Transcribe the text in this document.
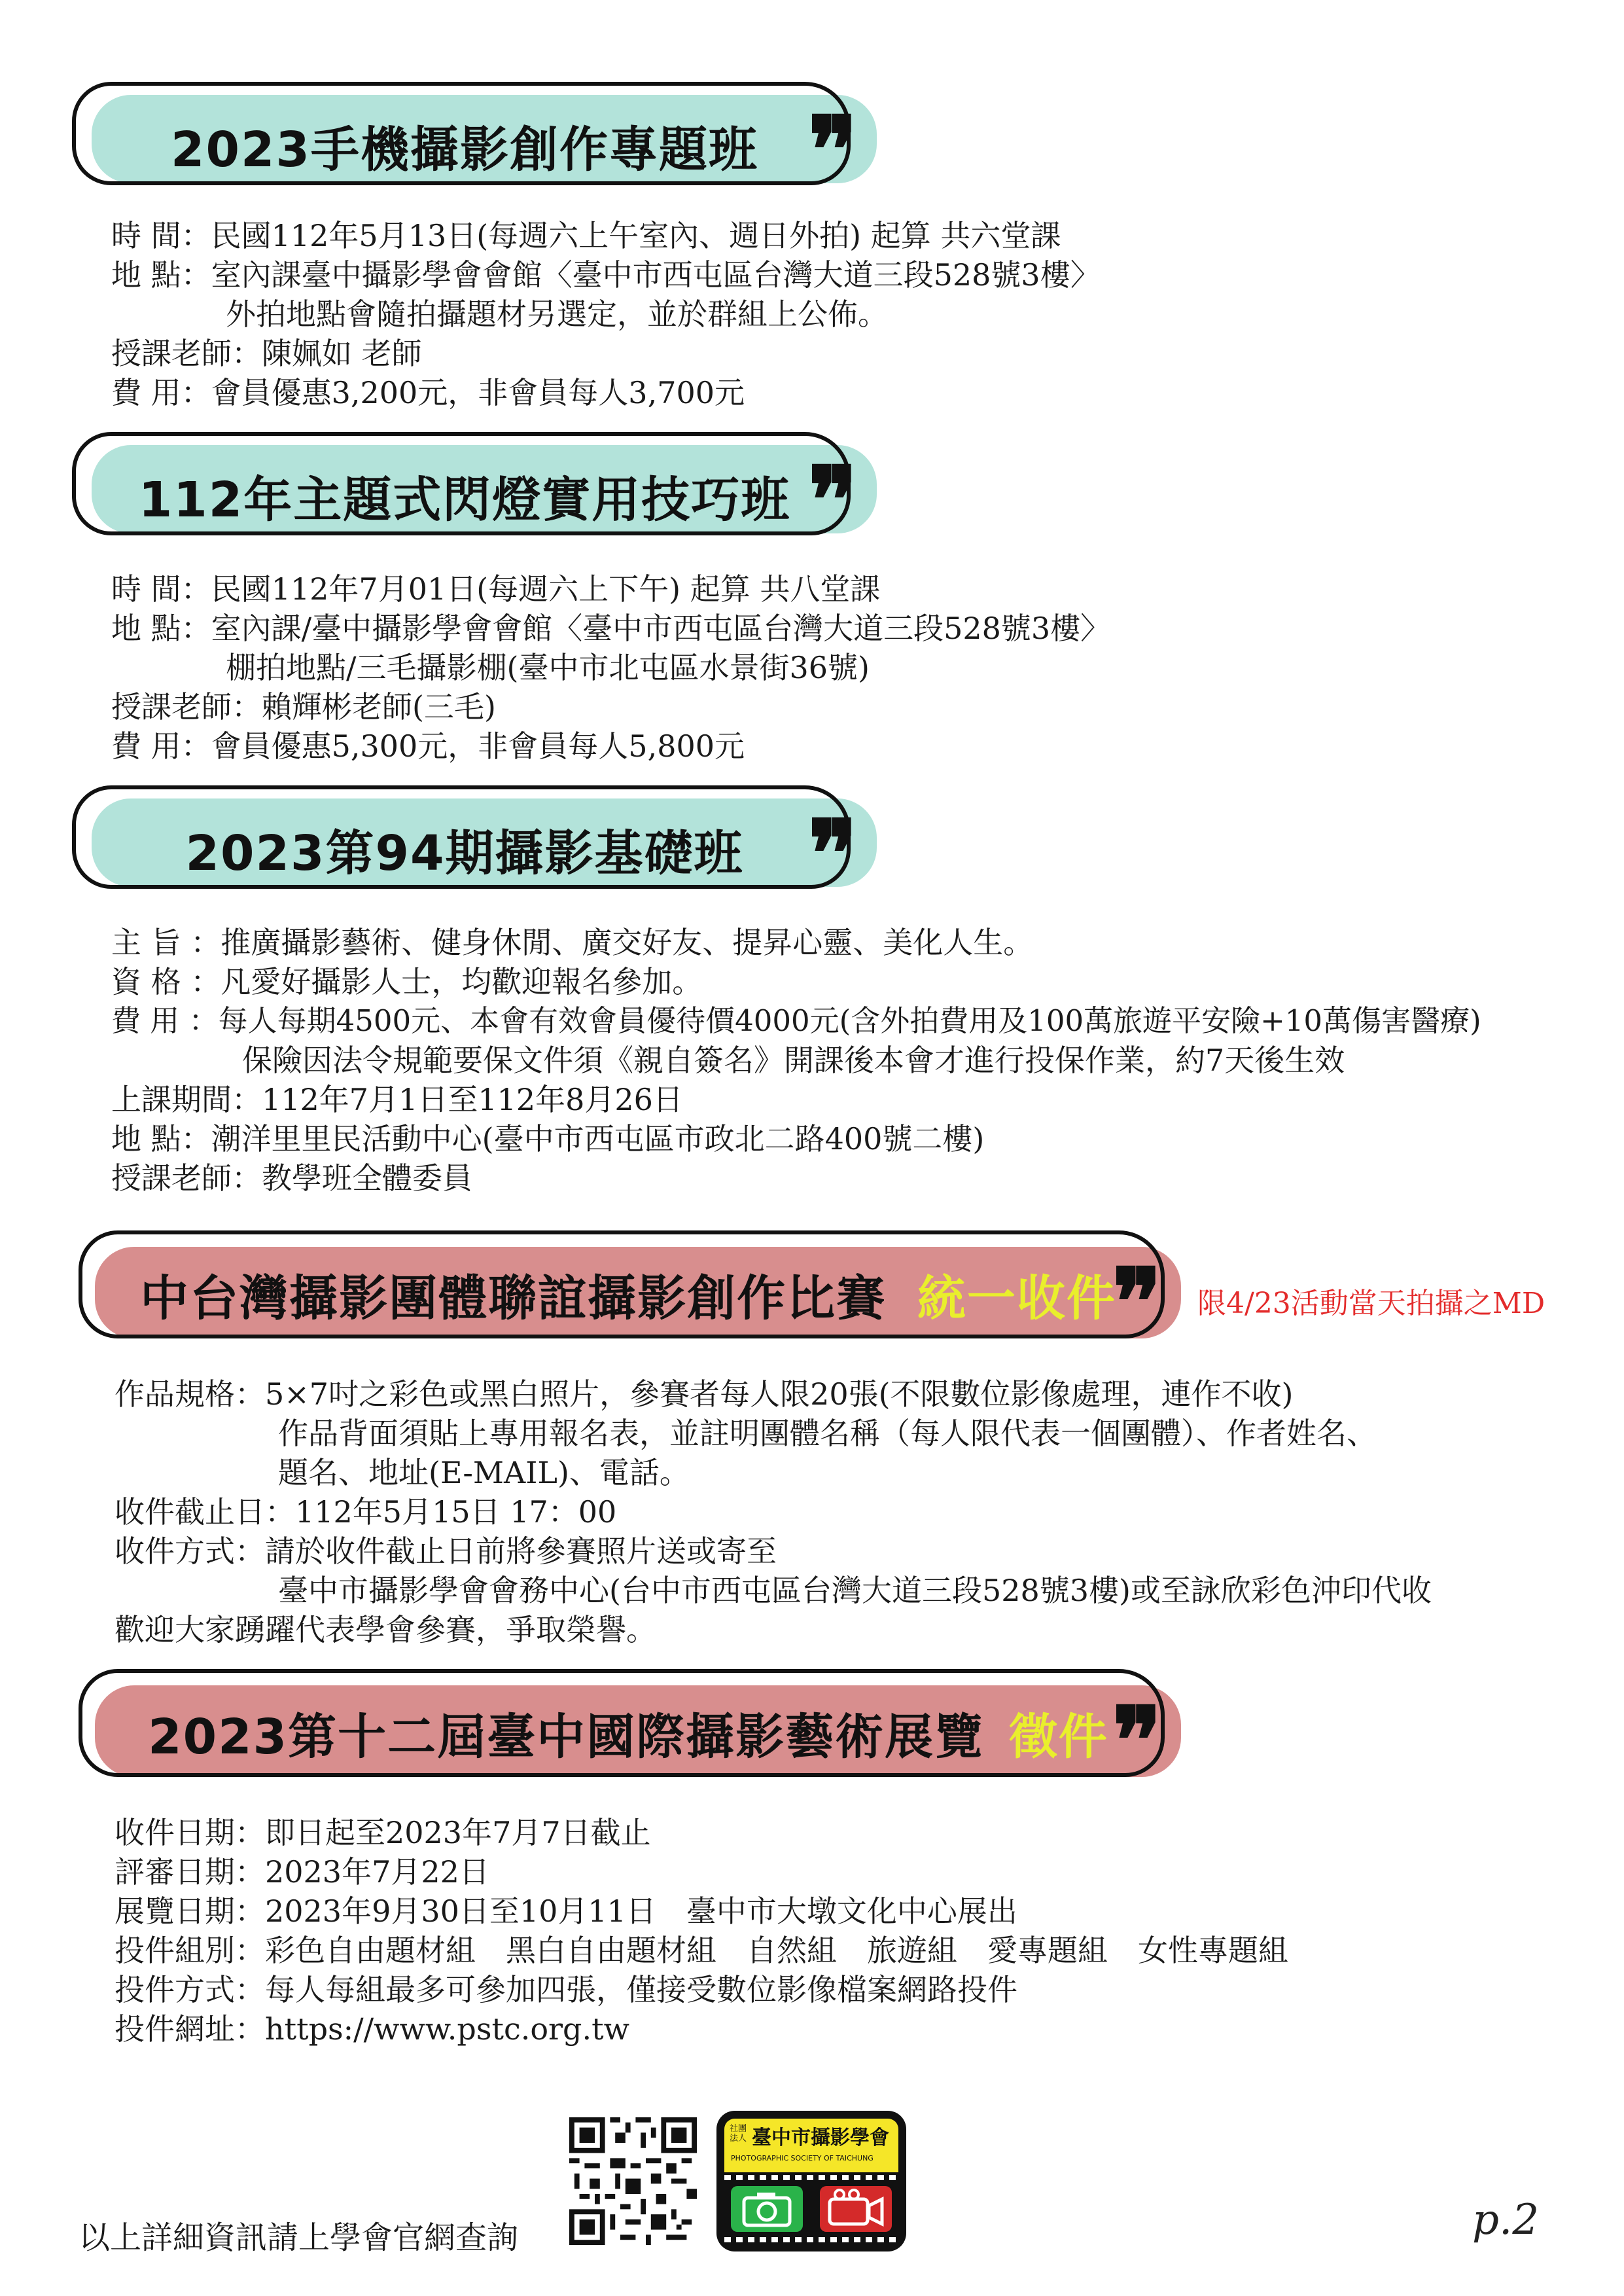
2023手機攝影創作專題班 ❞
時 間：民國112年5月13日(每週六上午室內、週日外拍) 起算 共六堂課
地 點：室內課臺中攝影學會會館〈臺中市西屯區台灣大道三段528號3樓〉
外拍地點會隨拍攝題材另選定，並於群組上公佈。
授課老師：陳姵如 老師
費 用：會員優惠3,200元，非會員每人3,700元
112年主題式閃燈實用技巧班 ❞
時 間：民國112年7月01日(每週六上下午) 起算 共八堂課
地 點：室內課/臺中攝影學會會館〈臺中市西屯區台灣大道三段528號3樓〉
棚拍地點/三毛攝影棚(臺中市北屯區水景街36號)
授課老師：賴輝彬老師(三毛)
費 用：會員優惠5,300元，非會員每人5,800元
2023第94期攝影基礎班 ❞
主 旨 ：推廣攝影藝術、健身休閒、廣交好友、提昇心靈、美化人生。
資 格 ：凡愛好攝影人士，均歡迎報名參加。
費 用 ：每人每期4500元、本會有效會員優待價4000元(含外拍費用及100萬旅遊平安險+10萬傷害醫療)
保險因法令規範要保文件須《親自簽名》開課後本會才進行投保作業，約7天後生效
上課期間：112年7月1日至112年8月26日
地 點：潮洋里里民活動中心(臺中市西屯區市政北二路400號二樓)
授課老師：教學班全體委員
中台灣攝影團體聯誼攝影創作比賽 統一收件
❞ 限4/23活動當天拍攝之MD
作品規格：5×7吋之彩色或黑白照片，參賽者每人限20張(不限數位影像處理，連作不收)
作品背面須貼上專用報名表，並註明團體名稱（每人限代表一個團體）、作者姓名、
題名、地址(E-MAIL)、電話。
收件截止日：112年5月15日 17：00
收件方式：請於收件截止日前將參賽照片送或寄至
臺中市攝影學會會務中心(台中市西屯區台灣大道三段528號3樓)或至詠欣彩色沖印代收
歡迎大家踴躍代表學會參賽，爭取榮譽。
2023第十二屆臺中國際攝影藝術展覽 徵件 ❞
收件日期：即日起至2023年7月7日截止
評審日期：2023年7月22日
展覽日期：2023年9月30日至10月11日　臺中市大墩文化中心展出
投件組別：彩色自由題材組　黑白自由題材組　自然組　旅遊組　愛專題組　女性專題組
投件方式：每人每組最多可參加四張，僅接受數位影像檔案網路投件
投件網址：https://www.pstc.org.tw
以上詳細資訊請上學會官網查詢
社團法人 臺中市攝影學會
PHOTOGRAPHIC SOCIETY OF TAICHUNG
p.2
